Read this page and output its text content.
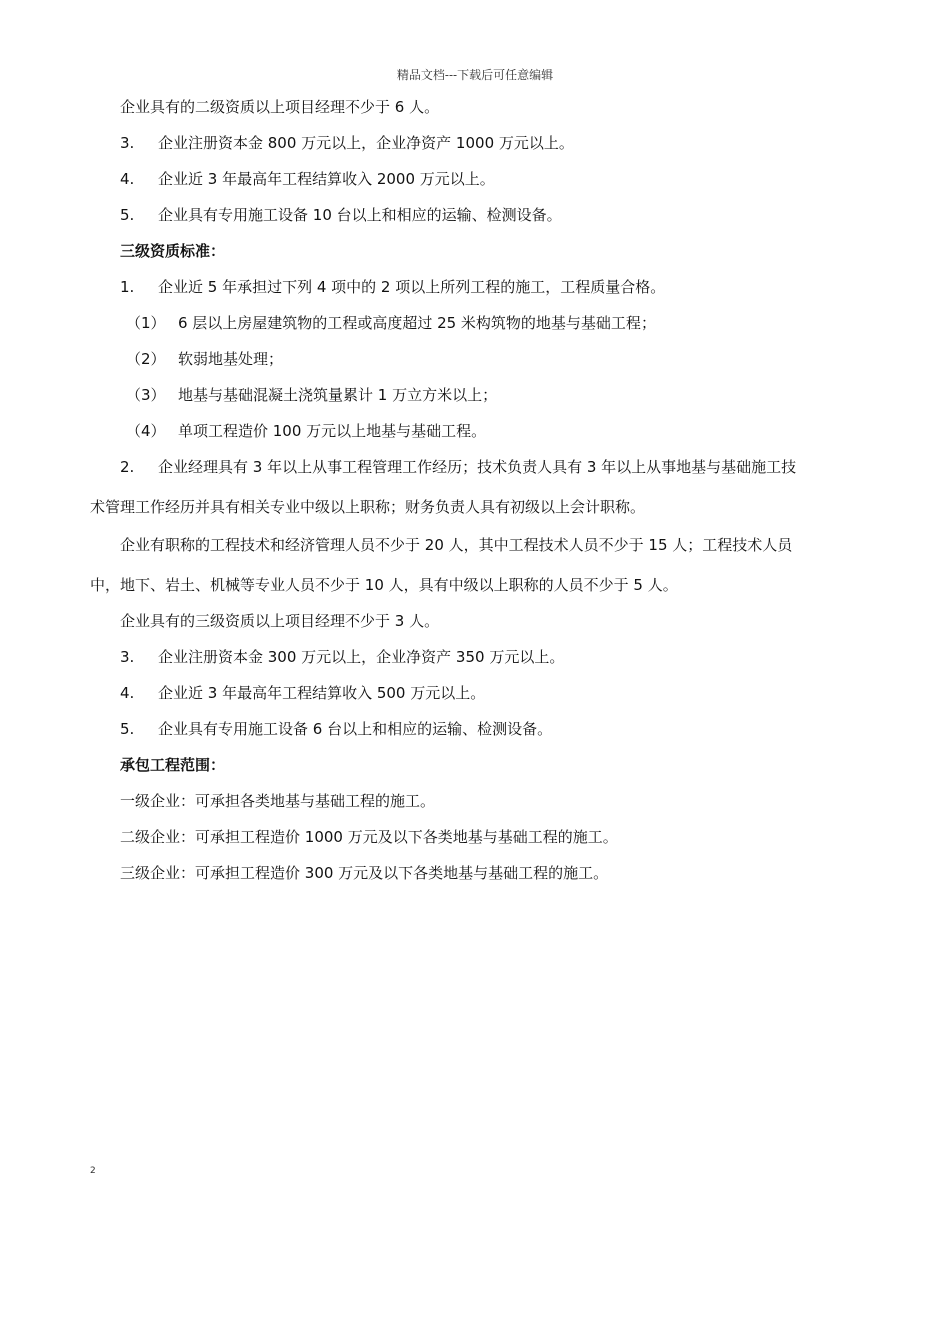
精品文档---下载后可任意编辑
企业具有的二级资质以上项目经理不少于 6 人。
3. 企业注册资本金 800 万元以上，企业净资产 1000 万元以上。
4. 企业近 3 年最高年工程结算收入 2000 万元以上。
5. 企业具有专用施工设备 10 台以上和相应的运输、检测设备。
三级资质标准：
1. 企业近 5 年承担过下列 4 项中的 2 项以上所列工程的施工，工程质量合格。
（1） 6 层以上房屋建筑物的工程或高度超过 25 米构筑物的地基与基础工程；
（2） 软弱地基处理；
（3） 地基与基础混凝土浇筑量累计 1 万立方米以上；
（4） 单项工程造价 100 万元以上地基与基础工程。
2. 企业经理具有 3 年以上从事工程管理工作经历；技术负责人具有 3 年以上从事地基与基础施工技
术管理工作经历并具有相关专业中级以上职称；财务负责人具有初级以上会计职称。
企业有职称的工程技术和经济管理人员不少于 20 人，其中工程技术人员不少于 15 人；工程技术人员
中，地下、岩土、机械等专业人员不少于 10 人，具有中级以上职称的人员不少于 5 人。
企业具有的三级资质以上项目经理不少于 3 人。
3. 企业注册资本金 300 万元以上，企业净资产 350 万元以上。
4. 企业近 3 年最高年工程结算收入 500 万元以上。
5. 企业具有专用施工设备 6 台以上和相应的运输、检测设备。
承包工程范围：
一级企业：可承担各类地基与基础工程的施工。
二级企业：可承担工程造价 1000 万元及以下各类地基与基础工程的施工。
三级企业：可承担工程造价 300 万元及以下各类地基与基础工程的施工。
2
